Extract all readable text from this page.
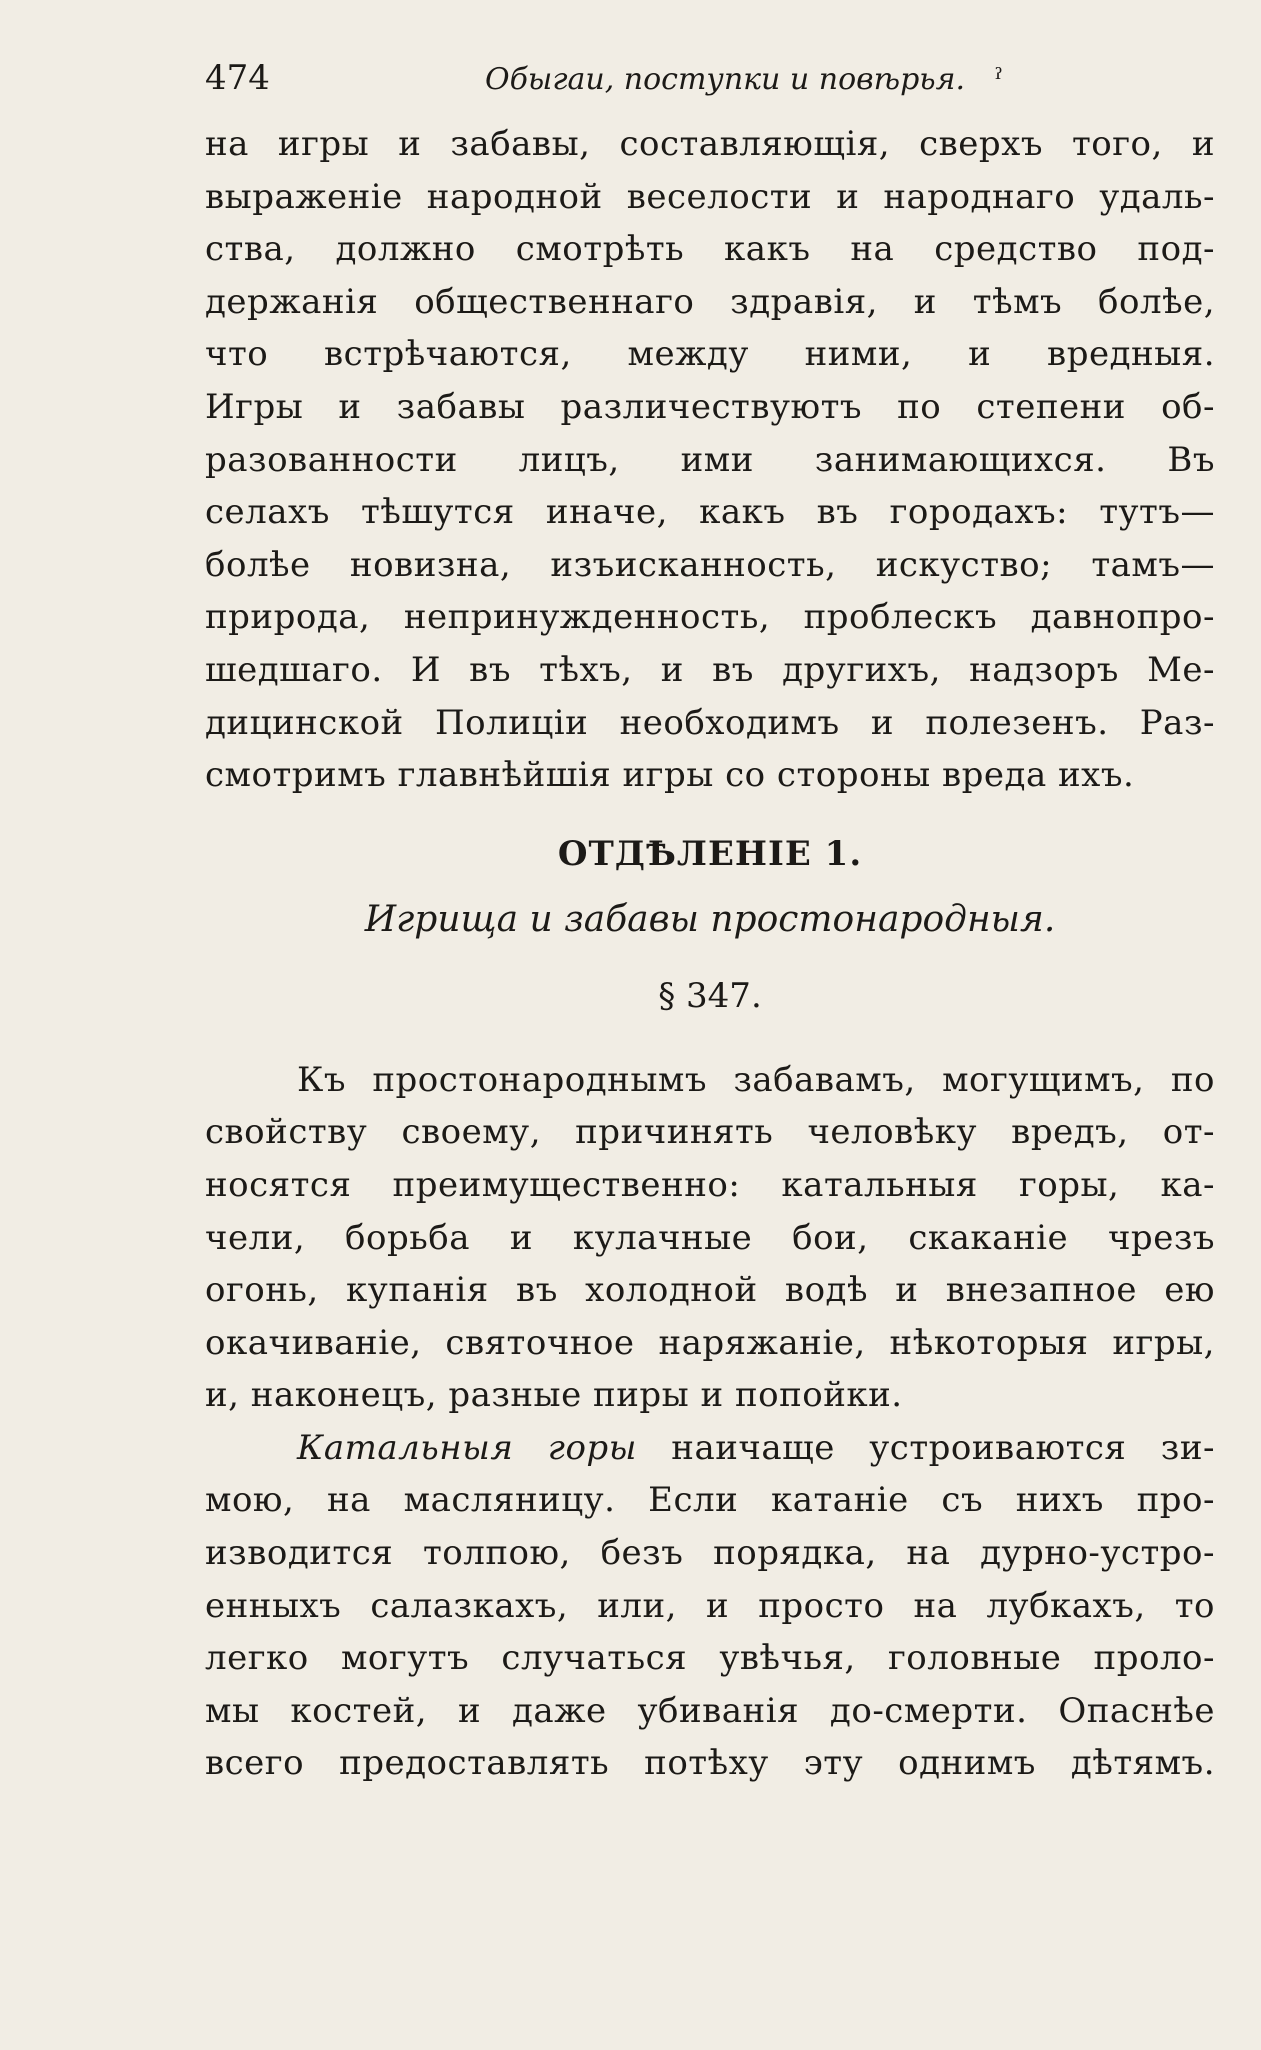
474	Обыгаи, поступки и повѣрья. ˀ
на игры и забавы, составляющія, сверхъ того, и
выраженіе народной веселости и народнаго удаль-
ства, должно смотрѣть какъ на средство под-
держанія общественнаго здравія, и тѣмъ болѣе,
что встрѣчаются, между ними, и вредныя.
Игры и забавы различествуютъ по степени об-
разованности лицъ, ими занимающихся. Въ
селахъ тѣшутся иначе, какъ въ городахъ: тутъ—
болѣе новизна, изъисканность, искуство; тамъ—
природа, непринужденность, проблескъ давнопро-
шедшаго. И въ тѣхъ, и въ другихъ, надзоръ Ме-
дицинской Полиціи необходимъ и полезенъ. Раз-
смотримъ главнѣйшія игры со стороны вреда ихъ.
ОТДѢЛЕНІЕ 1.
Игрища и забавы простонародныя.
§ 347.
Къ простонароднымъ забавамъ, могущимъ, по
свойству своему, причинять человѣку вредъ, от-
носятся преимущественно: катальныя горы, ка-
чели, борьба и кулачные бои, скаканіе чрезъ
огонь, купанія въ холодной водѣ и внезапное ею
окачиваніе, святочное наряжаніе, нѣкоторыя игры,
и, наконецъ, разные пиры и попойки.
Катальныя горы наичаще устроиваются зи-
мою, на масляницу. Если катаніе съ нихъ про-
изводится толпою, безъ порядка, на дурно-устро-
енныхъ салазкахъ, или, и просто на лубкахъ, то
легко могутъ случаться увѣчья, головные проло-
мы костей, и даже убиванія до-смерти. Опаснѣе
всего предоставлять потѣху эту однимъ дѣтямъ.
